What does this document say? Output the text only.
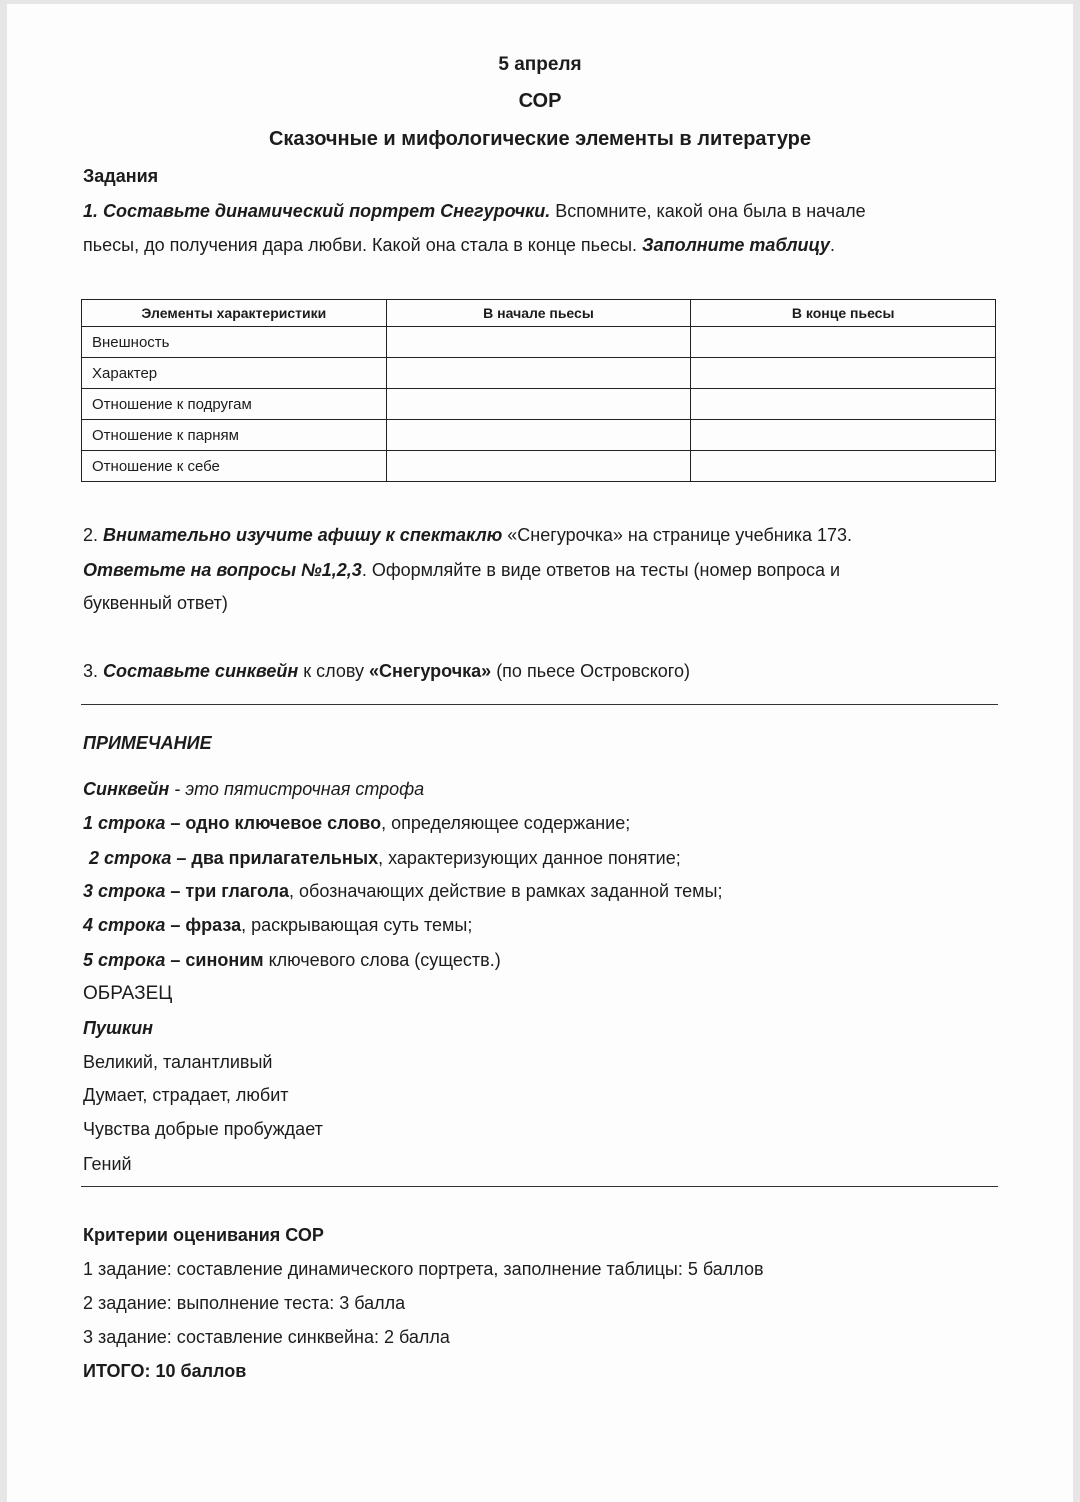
5 апреля
СОР
Сказочные и мифологические элементы в литературе
Задания
1. Составьте динамический портрет Снегурочки. Вспомните, какой она была в начале
пьесы, до получения дара любви. Какой она стала в конце пьесы. Заполните таблицу.
Элементы характеристики	В начале пьесы	В конце пьесы
Внешность		
Характер		
Отношение к подругам		
Отношение к парням		
Отношение к себе		
2. Внимательно изучите афишу к спектаклю «Снегурочка» на странице учебника 173.
Ответьте на вопросы №1,2,3. Оформляйте в виде ответов на тесты (номер вопроса и
буквенный ответ)
3. Составьте синквейн к слову «Снегурочка» (по пьесе Островского)
ПРИМЕЧАНИЕ
Синквейн - это пятистрочная строфа
1 строка – одно ключевое слово, определяющее содержание;
2 строка – два прилагательных, характеризующих данное понятие;
3 строка – три глагола, обозначающих действие в рамках заданной темы;
4 строка – фраза, раскрывающая суть темы;
5 строка – синоним ключевого слова (существ.)
ОБРАЗЕЦ
Пушкин
Великий, талантливый
Думает, страдает, любит
Чувства добрые пробуждает
Гений
Критерии оценивания СОР
1 задание: составление динамического портрета, заполнение таблицы: 5 баллов
2 задание: выполнение теста: 3 балла
3 задание: составление синквейна: 2 балла
ИТОГО: 10 баллов
